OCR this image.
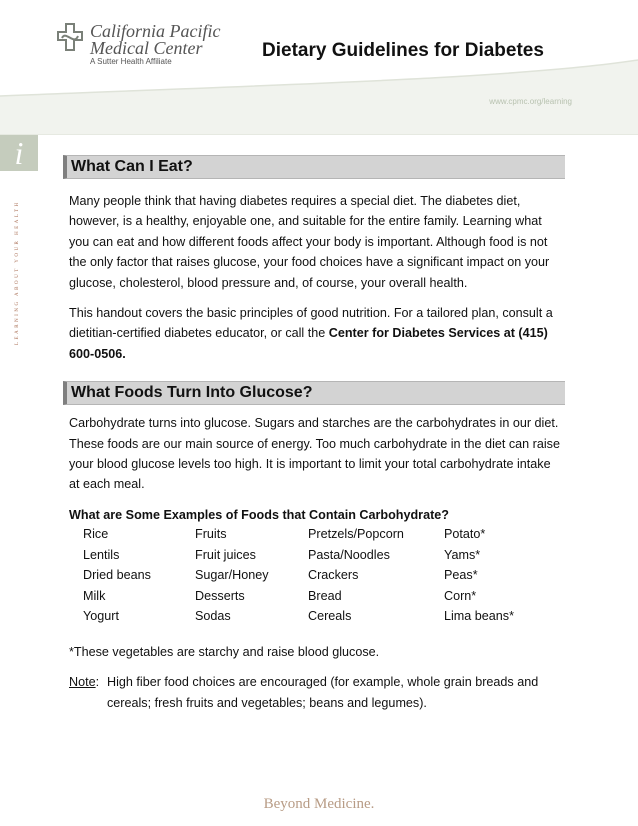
California Pacific
Medical Center
A Sutter Health Affiliate
Dietary Guidelines for Diabetes
www.cpmc.org/learning
i
LEARNING ABOUT YOUR HEALTH
What Can I Eat?

Many people think that having diabetes requires a special diet. The diabetes diet, however, is a healthy, enjoyable one, and suitable for the entire family. Learning what you can eat and how different foods affect your body is important. Although food is not the only factor that raises glucose, your food choices have a significant impact on your glucose, cholesterol, blood pressure and, of course, your overall health.

This handout covers the basic principles of good nutrition. For a tailored plan, consult a dietitian-certified diabetes educator, or call the Center for Diabetes Services at (415) 600-0506.

What Foods Turn Into Glucose?

Carbohydrate turns into glucose. Sugars and starches are the carbohydrates in our diet. These foods are our main source of energy. Too much carbohydrate in the diet can raise your blood glucose levels too high. It is important to limit your total carbohydrate intake at each meal.

What are Some Examples of Foods that Contain Carbohydrate?

Rice	Fruits	Pretzels/Popcorn	Potato*
Lentils	Fruit juices	Pasta/Noodles	Yams*
Dried beans	Sugar/Honey	Crackers	Peas*
Milk	Desserts	Bread	Corn*
Yogurt	Sodas	Cereals	Lima beans*

*These vegetables are starchy and raise blood glucose.

Note: High fiber food choices are encouraged (for example, whole grain breads and cereals; fresh fruits and vegetables; beans and legumes).
Beyond Medicine.
